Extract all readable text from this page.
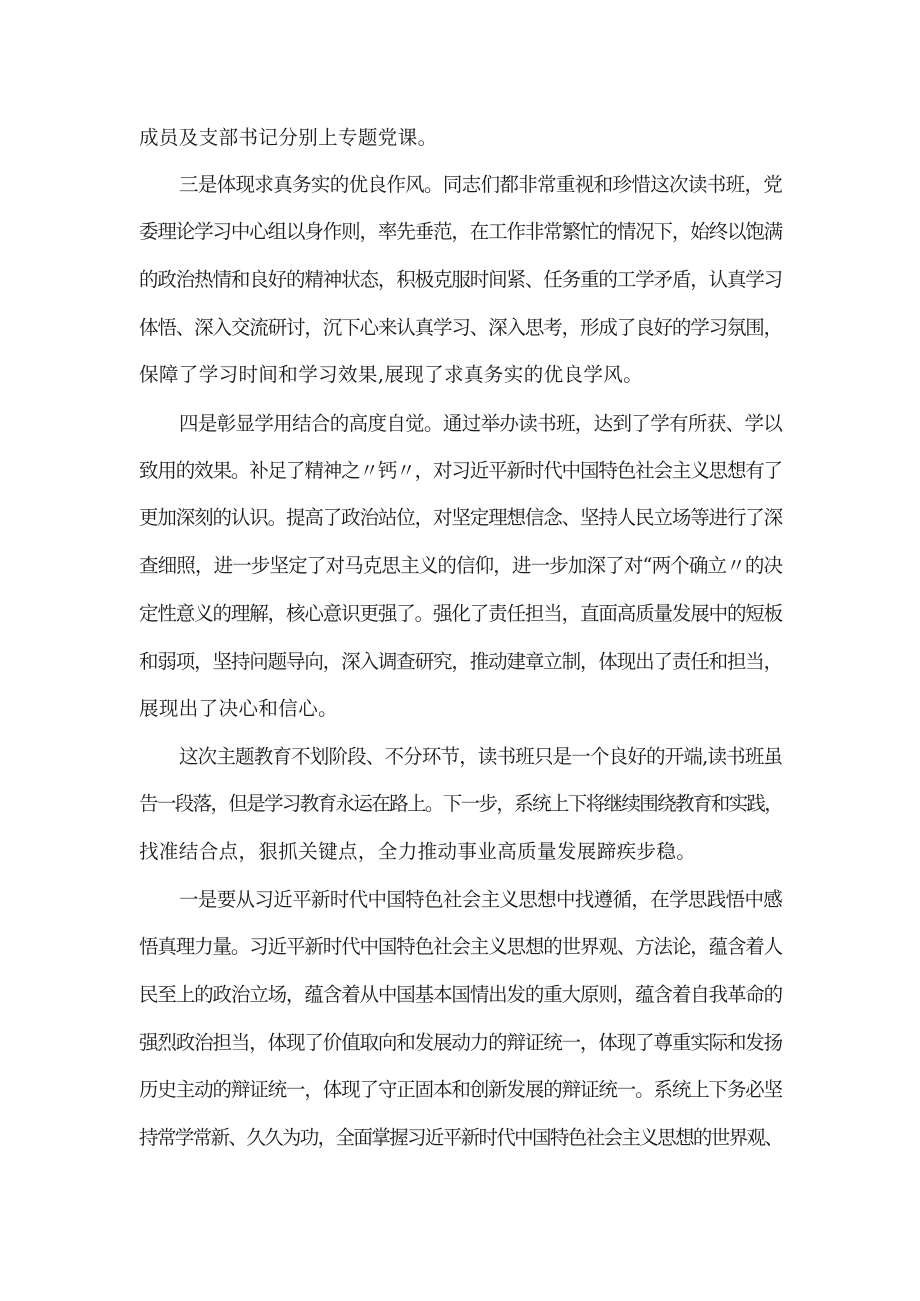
成员及支部书记分别上专题党课。
三是体现求真务实的优良作风。同志们都非常重视和珍惜这次读书班，党
委理论学习中心组以身作则，率先垂范，在工作非常繁忙的情况下，始终以饱满
的政治热情和良好的精神状态，积极克服时间紧、任务重的工学矛盾，认真学习
体悟、深入交流研讨，沉下心来认真学习、深入思考，形成了良好的学习氛围，
保障了学习时间和学习效果,展现了求真务实的优良学风。
四是彰显学用结合的高度自觉。通过举办读书班，达到了学有所获、学以
致用的效果。补足了精神之〃钙〃，对习近平新时代中国特色社会主义思想有了
更加深刻的认识。提高了政治站位，对坚定理想信念、坚持人民立场等进行了深
查细照，进一步坚定了对马克思主义的信仰，进一步加深了对“两个确立〃的决
定性意义的理解，核心意识更强了。强化了责任担当，直面高质量发展中的短板
和弱项，坚持问题导向，深入调查研究，推动建章立制，体现出了责任和担当，
展现出了决心和信心。
这次主题教育不划阶段、不分环节，读书班只是一个良好的开端,读书班虽
告一段落，但是学习教育永运在路上。下一步，系统上下将继续围绕教育和实践，
找准结合点，狠抓关键点，全力推动事业高质量发展蹄疾步稳。
一是要从习近平新时代中国特色社会主义思想中找遵循，在学思践悟中感
悟真理力量。习近平新时代中国特色社会主义思想的世界观、方法论，蕴含着人
民至上的政治立场，蕴含着从中国基本国情出发的重大原则，蕴含着自我革命的
强烈政治担当，体现了价值取向和发展动力的辩证统一，体现了尊重实际和发扬
历史主动的辩证统一，体现了守正固本和创新发展的辩证统一。系统上下务必坚
持常学常新、久久为功，全面掌握习近平新时代中国特色社会主义思想的世界观、
